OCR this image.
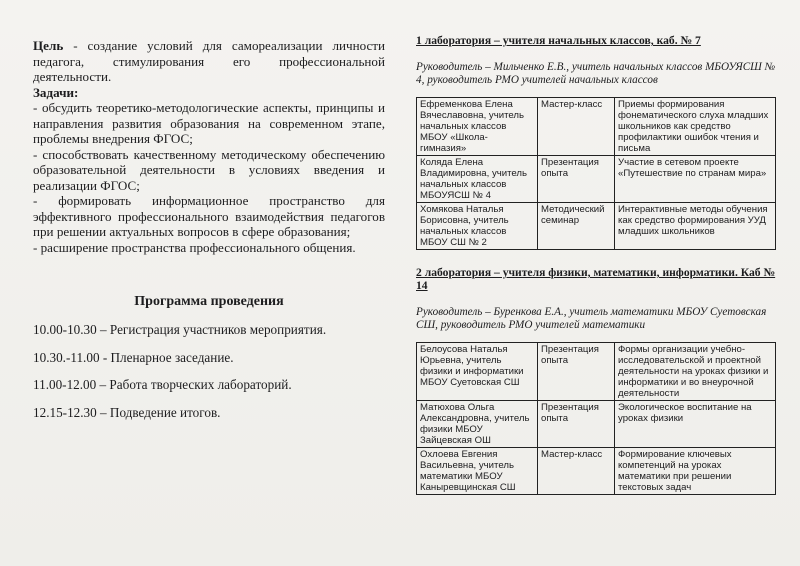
Цель - создание условий для самореализации личности педагога, стимулирования его профессиональной деятельности.

Задачи:

- обсудить теоретико-методологические аспекты, принципы и направления развития образования на современном этапе, проблемы внедрения ФГОС;

- способствовать качественному методическому обеспечению образовательной деятельности в условиях введения и реализации ФГОС;

- формировать информационное пространство для эффективного профессионального взаимодействия педагогов при решении актуальных вопросов в сфере образования;

- расширение пространства профессионального общения.

Программа проведения
10.00-10.30 – Регистрация участников мероприятия.
10.30.-11.00 - Пленарное заседание.
11.00-12.00 – Работа творческих лабораторий.
12.15-12.30 – Подведение итогов.
1 лаборатория – учителя начальных классов, каб. № 7
Руководитель – Мильченко Е.В., учитель начальных классов МБОУЯСШ № 4, руководитель РМО учителей начальных классов
Ефременкова Елена Вячеславовна, учитель начальных классов МБОУ «Школа-гимназия»	Мастер-класс	Приемы формирования фонематического слуха младших школьников как средство профилактики ошибок чтения и письма
Коляда Елена Владимировна, учитель начальных классов МБОУЯСШ № 4	Презентация опыта	Участие в сетевом проекте «Путешествие по странам мира»
Хомякова Наталья Борисовна, учитель начальных классов МБОУ СШ № 2	Методический семинар	Интерактивные методы обучения как средство формирования УУД младших школьников
2 лаборатория – учителя физики, математики, информатики. Каб № 14
Руководитель – Буренкова Е.А., учитель математики МБОУ Суетовская СШ, руководитель РМО учителей математики
Белоусова Наталья Юрьевна, учитель физики и информатики МБОУ Суетовская СШ	Презентация опыта	Формы организации учебно-исследовательской и проектной деятельности на уроках физики и информатики и во внеурочной деятельности
Матюхова Ольга Александровна, учитель физики МБОУ Зайцевская ОШ	Презентация опыта	Экологическое воспитание на уроках физики
Охлоева Евгения Васильевна, учитель математики МБОУ Каныревщинская СШ	Мастер-класс	Формирование ключевых компетенций на уроках математики при решении текстовых задач
